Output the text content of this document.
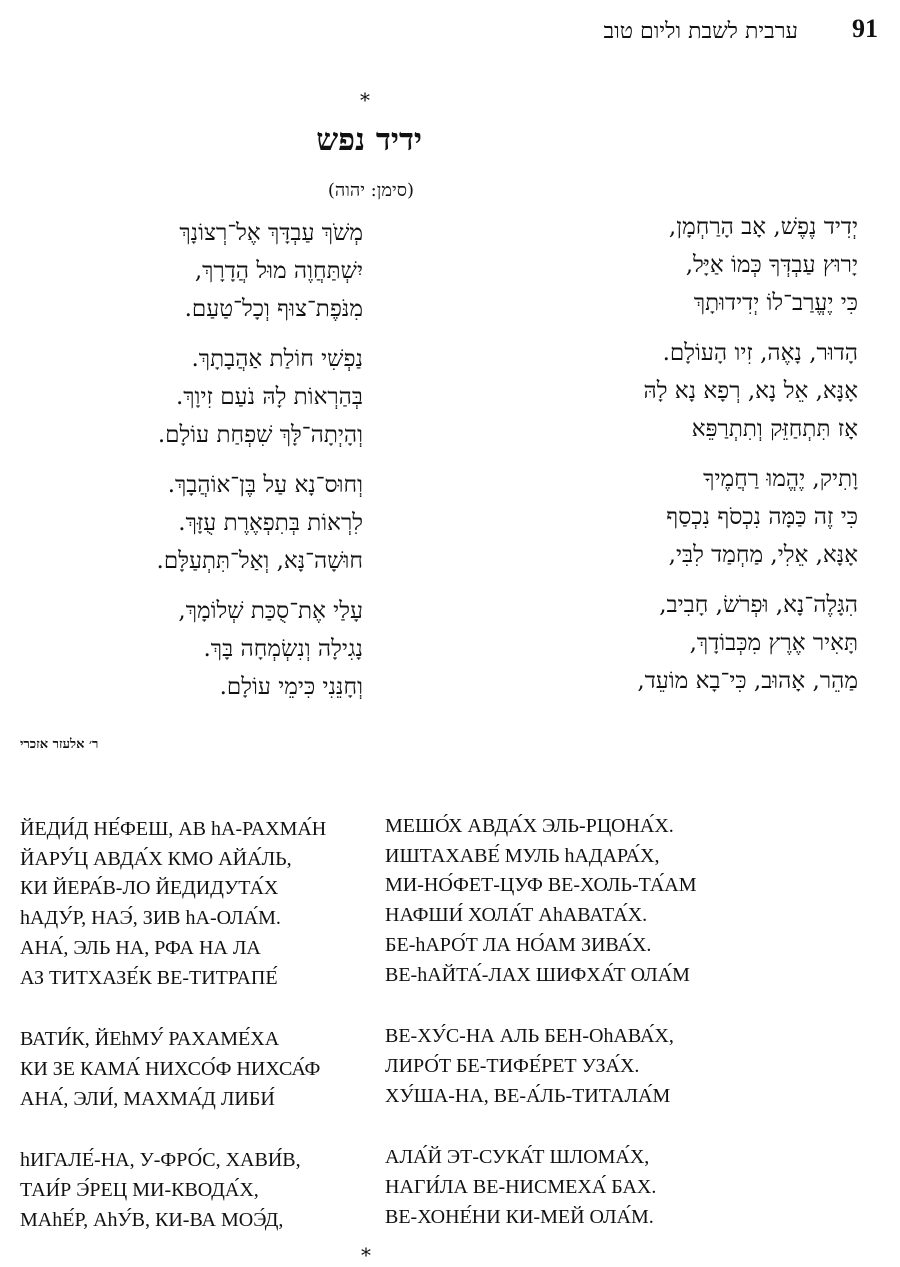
91
ערבית לשבת וליום טוב
*
ידיד נפש
(סימן: יהוה)
יְדִיד נֶפֶשׁ, אָב הָרַחְמָן,
יָרוּץ עַבְדְּךָ כְּמוֹ אַיָּל,
כִּי יֶעֱרַב־לוֹ יְדִידוּתָךְ
הָדוּר, נָאֶה, זִיו הָעוֹלָם.
אָנָּא, אֵל נָא, רְפָא נָא לָהּ
אָז תִּתְחַזֵּק וְתִתְרַפֵּא
וָתִיק, יֶהֱמוּ רַחֲמֶיךָ
כִּי זֶה כַּמָּה נִכְסֹף נִכְסַף
אָנָּא, אֵלִי, מַחְמַד לִבִּי,
הִגָּלֶה־נָא, וּפְרֹשׂ, חָבִיב,
תָּאִיר אֶרֶץ מִכְּבוֹדָךְ,
מַהֵר, אָהוּב, כִּי־בָא מוֹעֵד,
מְשֹׁךְ עַבְדָּךְ אֶל־רְצוֹנָךְ
יִשְׁתַּחֲוֶה מוּל הֲדָרָךְ,
מִנֹּפֶת־צוּף וְכָל־טַעַם.
נַפְשִׁי חוֹלַת אַהֲבָתָךְ.
בְּהַרְאוֹת לָהּ נֹעַם זִיוָךְ.
וְהָיְתָה־לָּךְ שִׁפְחַת עוֹלָם.
וְחוּס־נָא עַל בֶּן־אוֹהֲבָךְ.
לִרְאוֹת בְּתִפְאֶרֶת עֻזָּךְ.
חוּשָׁה־נָּא, וְאַל־תִּתְעַלָּם.
עָלַי אֶת־סֻכַּת שְׁלוֹמָךְ,
נָגִילָה וְנִשְׂמְחָה בָּךְ.
וְחָנֵּנִי כִּימֵי עוֹלָם.
ר׳ אלעזר אזכרי
ЙЕДИ́Д НЕ́ФЕШ, АВ hА-РАХМА́Н
ЙАРУ́Ц АВДА́Х КМО АЙА́ЛЬ,
КИ ЙЕРА́В-ЛО ЙЕДИДУТА́Х
hАДУ́Р, НАЭ́, ЗИВ hА-ОЛА́М.
АНА́, ЭЛЬ НА, РФА НА ЛА
АЗ ТИТХАЗЕ́К ВЕ-ТИТРАПЕ́
ВАТИ́К, ЙЕhМУ́ РАХАМЕ́ХА
КИ ЗЕ КАМА́ НИХСО́Ф НИХСА́Ф
АНА́, ЭЛИ́, МАХМА́Д ЛИБИ́
hИГАЛЕ́-НА, У-ФРО́С, ХАВИ́В,
ТАИ́Р Э́РЕЦ МИ-КВОДА́Х,
МАhЕ́Р, АhУ́В, КИ-ВА МОЭ́Д,
МЕШО́Х АВДА́Х ЭЛЬ-РЦОНА́Х.
ИШТАХАВЕ́ МУЛЬ hАДАРА́Х,
МИ-НО́ФЕТ-ЦУФ ВЕ-ХОЛЬ-ТА́АМ
НАФШИ́ ХОЛА́Т АhАВАТА́Х.
БЕ-hАРО́Т ЛА НО́АМ ЗИВА́Х.
ВЕ-hАЙТА́-ЛАХ ШИФХА́Т ОЛА́М
ВЕ-ХУ́С-НА АЛЬ БЕН-ОhАВА́Х,
ЛИРО́Т БЕ-ТИФЕ́РЕТ УЗА́Х.
ХУ́ША-НА, ВЕ-А́ЛЬ-ТИТАЛА́М
АЛА́Й ЭТ-СУКА́Т ШЛОМА́Х,
НАГИ́ЛА ВЕ-НИСМЕХА́ БАХ.
ВЕ-ХОНЕ́НИ КИ-МЕЙ ОЛА́М.
*
